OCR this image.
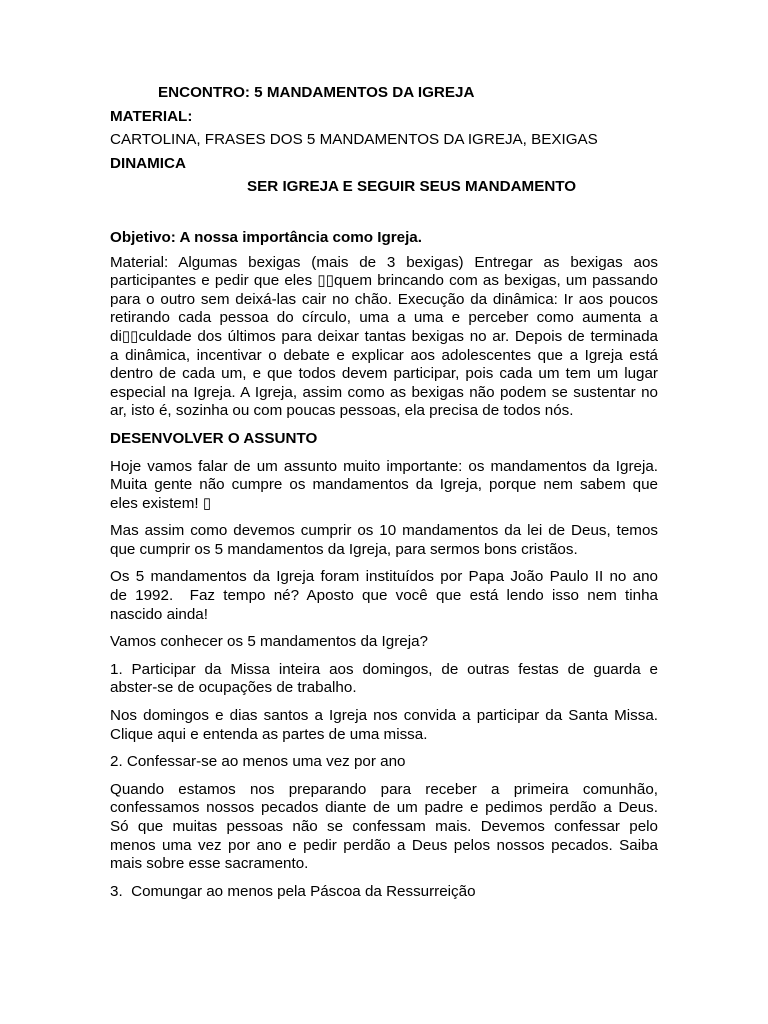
ENCONTRO: 5 MANDAMENTOS DA IGREJA
MATERIAL:
CARTOLINA, FRASES DOS 5 MANDAMENTOS DA IGREJA, BEXIGAS
DINAMICA
SER IGREJA E SEGUIR SEUS MANDAMENTO
Objetivo: A nossa importância como Igreja.
Material: Algumas bexigas (mais de 3 bexigas) Entregar as bexigas aos
participantes e pedir que eles ▯▯quem brincando com as bexigas, um passando
para o outro sem deixá-las cair no chão. Execução da dinâmica: Ir aos poucos
retirando cada pessoa do círculo, uma a uma e perceber como aumenta a
di▯▯culdade dos últimos para deixar tantas bexigas no ar. Depois de terminada
a dinâmica, incentivar o debate e explicar aos adolescentes que a Igreja está
dentro de cada um, e que todos devem participar, pois cada um tem um lugar
especial na Igreja. A Igreja, assim como as bexigas não podem se sustentar no
ar, isto é, sozinha ou com poucas pessoas, ela precisa de todos nós.
DESENVOLVER O ASSUNTO
Hoje vamos falar de um assunto muito importante: os mandamentos da Igreja.
Muita gente não cumpre os mandamentos da Igreja, porque nem sabem que
eles existem! ▯
Mas assim como devemos cumprir os 10 mandamentos da lei de Deus, temos
que cumprir os 5 mandamentos da Igreja, para sermos bons cristãos.
Os 5 mandamentos da Igreja foram instituídos por Papa João Paulo II no ano
de 1992.  Faz tempo né? Aposto que você que está lendo isso nem tinha
nascido ainda!
Vamos conhecer os 5 mandamentos da Igreja?
1. Participar da Missa inteira aos domingos, de outras festas de guarda e
abster-se de ocupações de trabalho.
Nos domingos e dias santos a Igreja nos convida a participar da Santa Missa.
Clique aqui e entenda as partes de uma missa.
2. Confessar-se ao menos uma vez por ano
Quando estamos nos preparando para receber a primeira comunhão,
confessamos nossos pecados diante de um padre e pedimos perdão a Deus.
Só que muitas pessoas não se confessam mais. Devemos confessar pelo
menos uma vez por ano e pedir perdão a Deus pelos nossos pecados. Saiba
mais sobre esse sacramento.
3.  Comungar ao menos pela Páscoa da Ressurreição
